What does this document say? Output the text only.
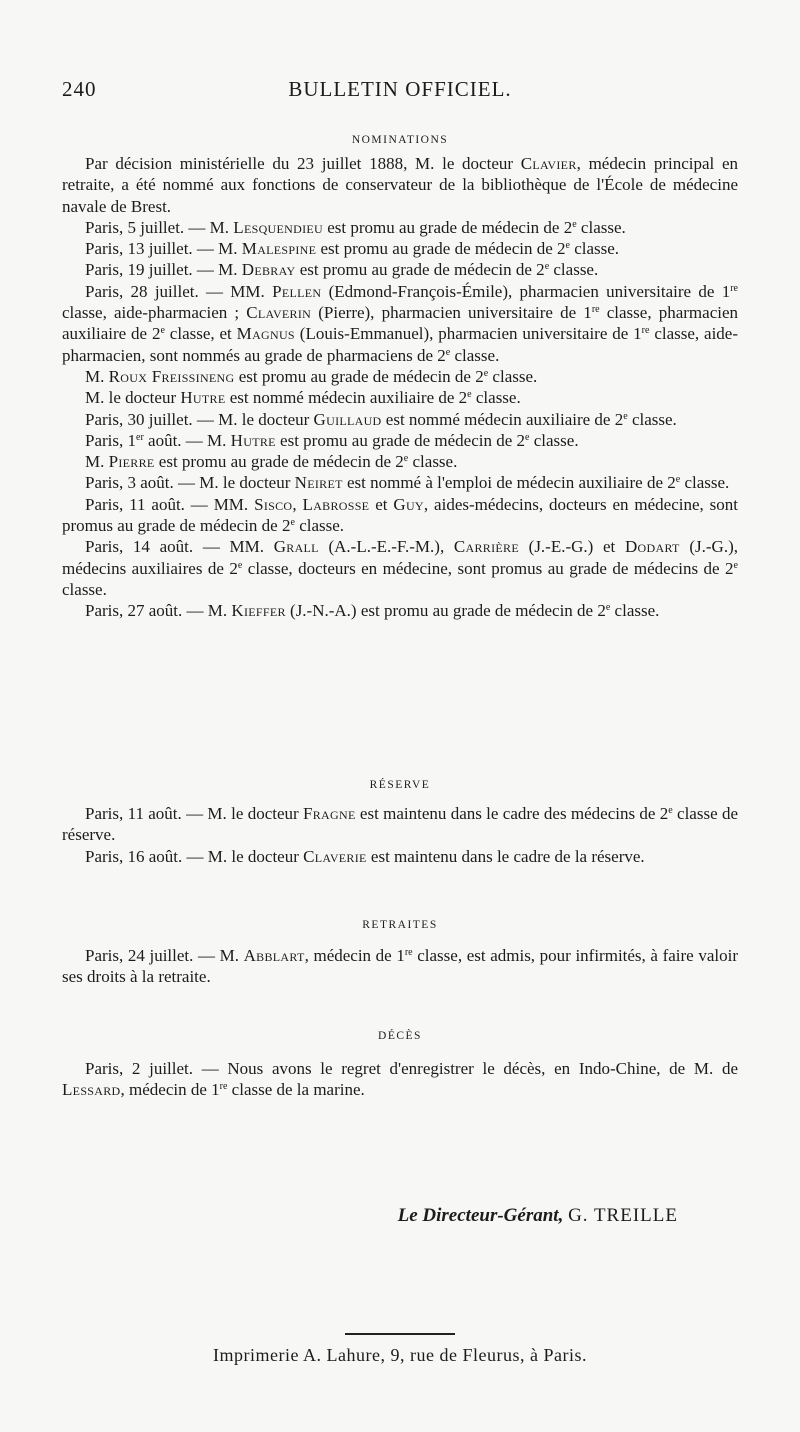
240	BULLETIN OFFICIEL.

NOMINATIONS

Par décision ministérielle du 23 juillet 1888, M. le docteur Clavier, médecin principal en retraite, a été nommé aux fonctions de conservateur de la bibliothèque de l'École de médecine navale de Brest.

Paris, 5 juillet. — M. Lesquendieu est promu au grade de médecin de 2e classe.

Paris, 13 juillet. — M. Malespine est promu au grade de médecin de 2e classe.

Paris, 19 juillet. — M. Debray est promu au grade de médecin de 2e classe.

Paris, 28 juillet. — MM. Pellen (Edmond-François-Émile), pharmacien universitaire de 1re classe, aide-pharmacien ; Claverin (Pierre), pharmacien universitaire de 1re classe, pharmacien auxiliaire de 2e classe, et Magnus (Louis-Emmanuel), pharmacien universitaire de 1re classe, aide-pharmacien, sont nommés au grade de pharmaciens de 2e classe.

M. Roux Freissineng est promu au grade de médecin de 2e classe.

M. le docteur Hutre est nommé médecin auxiliaire de 2e classe.

Paris, 30 juillet. — M. le docteur Guillaud est nommé médecin auxiliaire de 2e classe.

Paris, 1er août. — M. Hutre est promu au grade de médecin de 2e classe.

M. Pierre est promu au grade de médecin de 2e classe.

Paris, 3 août. — M. le docteur Neiret est nommé à l'emploi de médecin auxiliaire de 2e classe.

Paris, 11 août. — MM. Sisco, Labrosse et Guy, aides-médecins, docteurs en médecine, sont promus au grade de médecin de 2e classe.

Paris, 14 août. — MM. Grall (A.-L.-E.-F.-M.), Carrière (J.-E.-G.) et Dodart (J.-G.), médecins auxiliaires de 2e classe, docteurs en médecine, sont promus au grade de médecins de 2e classe.

Paris, 27 août. — M. Kieffer (J.-N.-A.) est promu au grade de médecin de 2e classe.

RÉSERVE

Paris, 11 août. — M. le docteur Fragne est maintenu dans le cadre des médecins de 2e classe de réserve.

Paris, 16 août. — M. le docteur Claverie est maintenu dans le cadre de la réserve.

RETRAITES

Paris, 24 juillet. — M. Abblart, médecin de 1re classe, est admis, pour infirmités, à faire valoir ses droits à la retraite.

DÉCÈS

Paris, 2 juillet. — Nous avons le regret d'enregistrer le décès, en Indo-Chine, de M. de Lessard, médecin de 1re classe de la marine.

Le Directeur-Gérant, G. TREILLE
Imprimerie A. Lahure, 9, rue de Fleurus, à Paris.
